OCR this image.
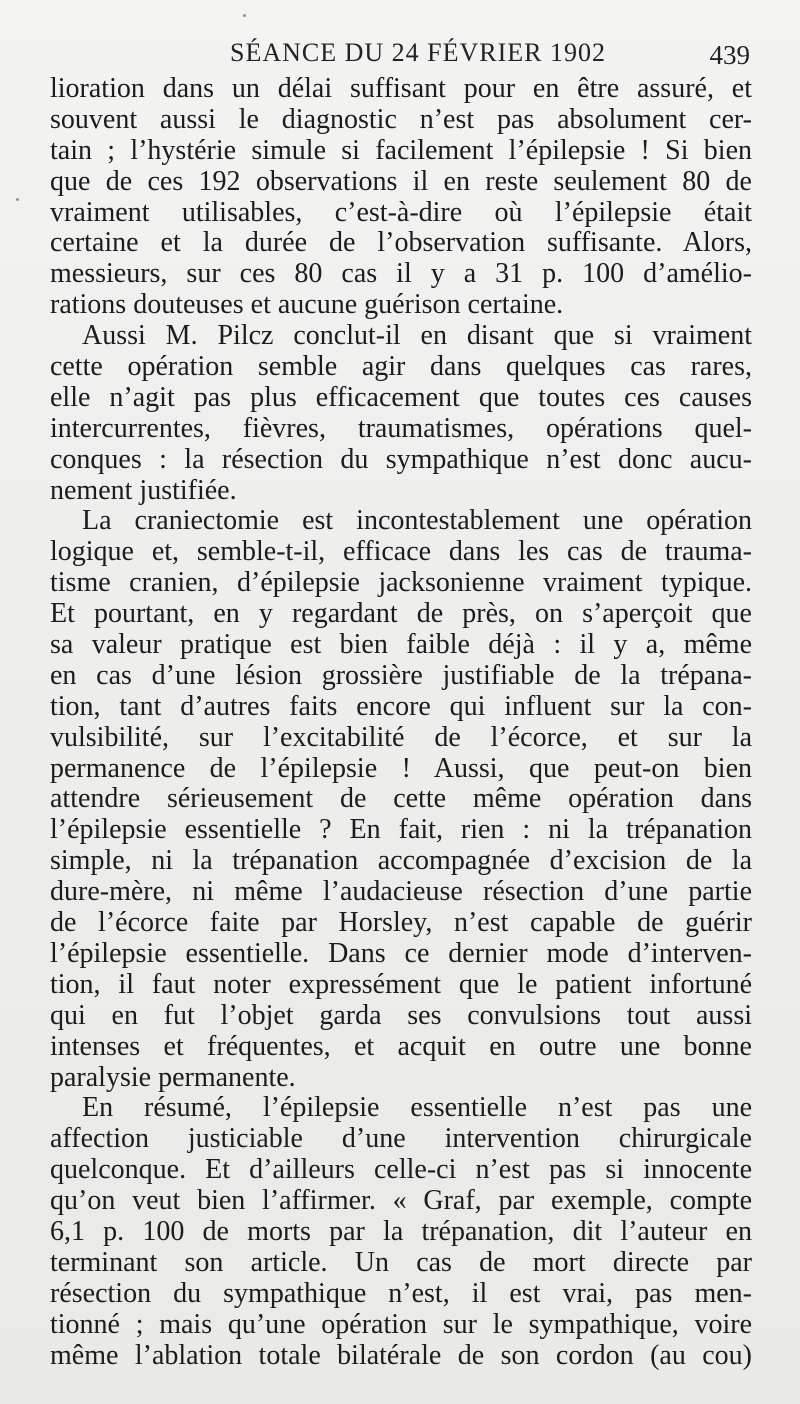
SÉANCE DU 24 FÉVRIER 1902	439
lioration dans un délai suffisant pour en être assuré, et
souvent aussi le diagnostic n’est pas absolument cer-
tain ; l’hystérie simule si facilement l’épilepsie ! Si bien
que de ces 192 observations il en reste seulement 80 de
vraiment utilisables, c’est-à-dire où l’épilepsie était
certaine et la durée de l’observation suffisante. Alors,
messieurs, sur ces 80 cas il y a 31 p. 100 d’amélio-
rations douteuses et aucune guérison certaine.
Aussi M. Pilcz conclut-il en disant que si vraiment
cette opération semble agir dans quelques cas rares,
elle n’agit pas plus efficacement que toutes ces causes
intercurrentes, fièvres, traumatismes, opérations quel-
conques : la résection du sympathique n’est donc aucu-
nement justifiée.
La craniectomie est incontestablement une opération
logique et, semble-t-il, efficace dans les cas de trauma-
tisme cranien, d’épilepsie jacksonienne vraiment typique.
Et pourtant, en y regardant de près, on s’aperçoit que
sa valeur pratique est bien faible déjà : il y a, même
en cas d’une lésion grossière justifiable de la trépana-
tion, tant d’autres faits encore qui influent sur la con-
vulsibilité, sur l’excitabilité de l’écorce, et sur la
permanence de l’épilepsie ! Aussi, que peut-on bien
attendre sérieusement de cette même opération dans
l’épilepsie essentielle ? En fait, rien : ni la trépanation
simple, ni la trépanation accompagnée d’excision de la
dure-mère, ni même l’audacieuse résection d’une partie
de l’écorce faite par Horsley, n’est capable de guérir
l’épilepsie essentielle. Dans ce dernier mode d’interven-
tion, il faut noter expressément que le patient infortuné
qui en fut l’objet garda ses convulsions tout aussi
intenses et fréquentes, et acquit en outre une bonne
paralysie permanente.
En résumé, l’épilepsie essentielle n’est pas une
affection justiciable d’une intervention chirurgicale
quelconque. Et d’ailleurs celle-ci n’est pas si innocente
qu’on veut bien l’affirmer. « Graf, par exemple, compte
6,1 p. 100 de morts par la trépanation, dit l’auteur en
terminant son article. Un cas de mort directe par
résection du sympathique n’est, il est vrai, pas men-
tionné ; mais qu’une opération sur le sympathique, voire
même l’ablation totale bilatérale de son cordon (au cou)
